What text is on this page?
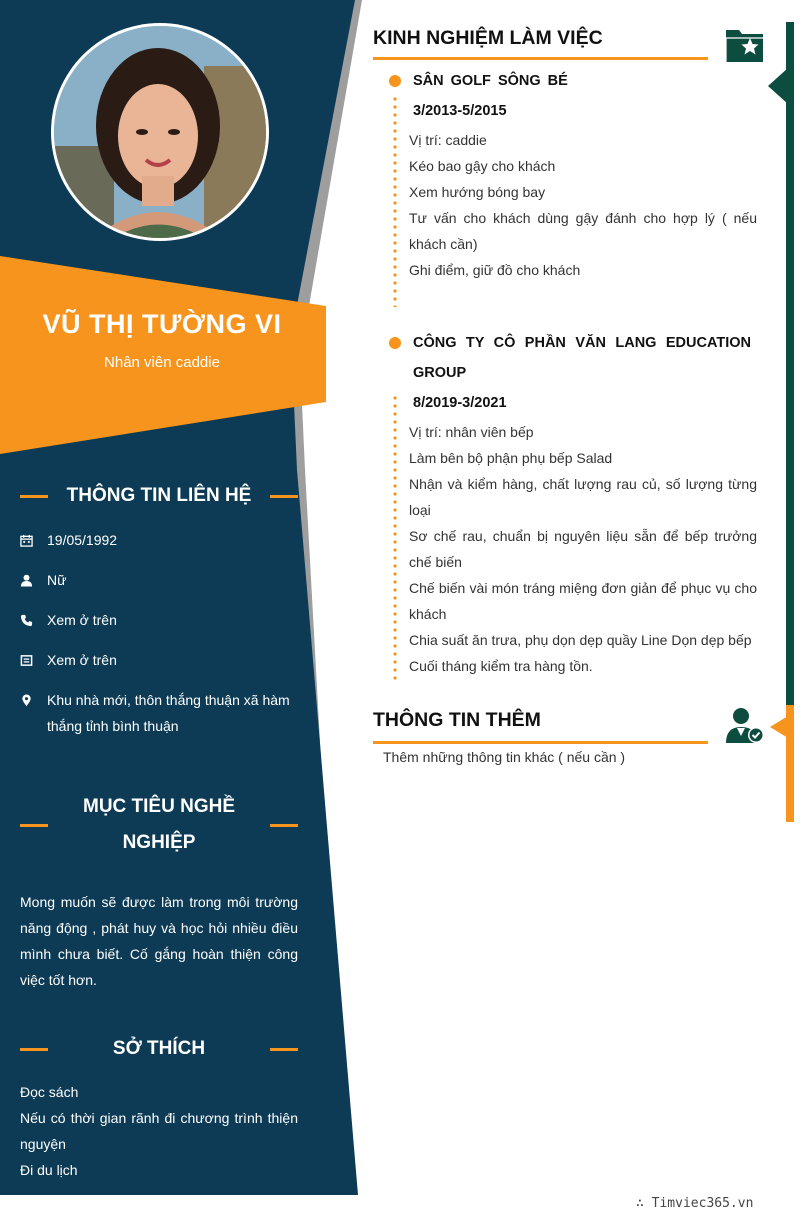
VŨ THỊ TƯỜNG VI
Nhân viên caddie
THÔNG TIN LIÊN HỆ
19/05/1992
Nữ
Xem ở trên
Xem ở trên
Khu nhà mới, thôn thắng thuận xã hàm thắng tỉnh bình thuận
MỤC TIÊU NGHỀ NGHIỆP
Mong muốn sẽ được làm trong môi trường năng động , phát huy và học hỏi nhiều điều mình chưa biết. Cố gắng hoàn thiện công việc tốt hơn.
SỞ THÍCH
Đọc sách
Nếu có thời gian rãnh đi chương trình thiện nguyện
Đi du lịch
KINH NGHIỆM LÀM VIỆC
SÂN GOLF SÔNG BÉ
3/2013-5/2015
Vị trí: caddie
Kéo bao gậy cho khách
Xem hướng bóng bay
Tư vấn cho khách dùng gậy đánh cho hợp lý ( nếu khách cần)
Ghi điểm, giữ đồ cho khách
CÔNG TY CÔ PHẦN VĂN LANG EDUCATION GROUP
8/2019-3/2021
Vị trí: nhân viên bếp
Làm bên bộ phận phụ bếp Salad
Nhận và kiểm hàng, chất lượng rau củ, số lượng từng loại
Sơ chế rau, chuẩn bị nguyên liệu sẵn để bếp trưởng chế biến
Chế biến vài món tráng miệng đơn giản để phục vụ cho khách
Chia suất ăn trưa, phụ dọn dẹp quầy Line Dọn dẹp bếp
Cuối tháng kiểm tra hàng tồn.
THÔNG TIN THÊM
Thêm những thông tin khác ( nếu cần )
∴ Timviec365.vn
